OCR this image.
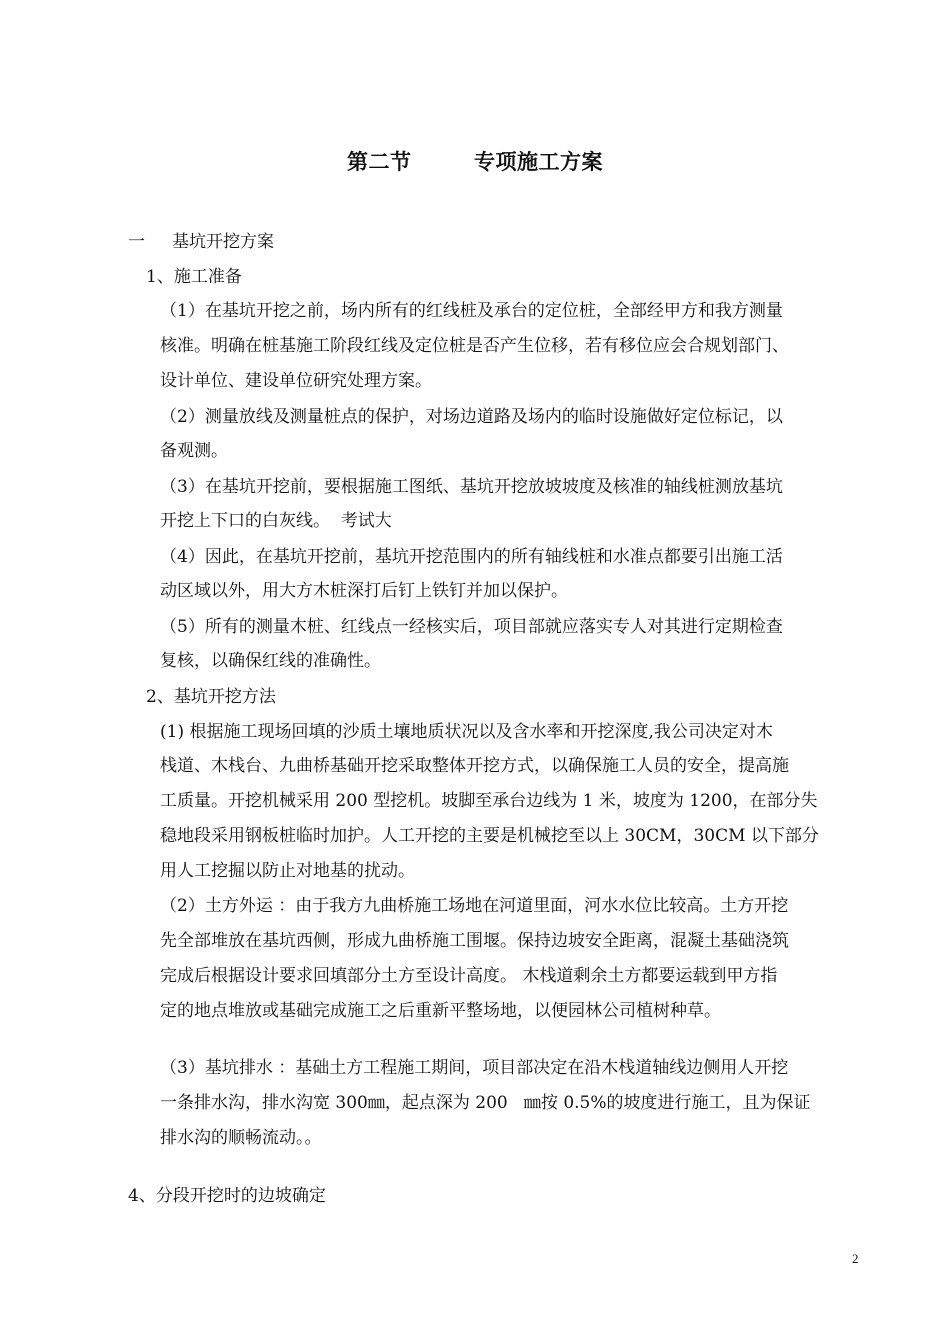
第二节        专项施工方案
一     基坑开挖方案
1、施工准备
（1）在基坑开挖之前，场内所有的红线桩及承台的定位桩，全部经甲方和我方测量
核准。明确在桩基施工阶段红线及定位桩是否产生位移，若有移位应会合规划部门、
设计单位、建设单位研究处理方案。
（2）测量放线及测量桩点的保护，对场边道路及场内的临时设施做好定位标记，以
备观测。
（3）在基坑开挖前，要根据施工图纸、基坑开挖放坡坡度及核准的轴线桩测放基坑
开挖上下口的白灰线。  考试大
（4）因此，在基坑开挖前，基坑开挖范围内的所有轴线桩和水准点都要引出施工活
动区域以外，用大方木桩深打后钉上铁钉并加以保护。
（5）所有的测量木桩、红线点一经核实后，项目部就应落实专人对其进行定期检查
复核，以确保红线的准确性。
2、基坑开挖方法
(1) 根据施工现场回填的沙质土壤地质状况以及含水率和开挖深度,我公司决定对木
栈道、木栈台、九曲桥基础开挖采取整体开挖方式，以确保施工人员的安全，提高施
工质量。开挖机械采用 200 型挖机。坡脚至承台边线为 1 米，坡度为 1200，在部分失
稳地段采用钢板桩临时加护。人工开挖的主要是机械挖至以上 30CM，30CM 以下部分
用人工挖掘以防止对地基的扰动。
（2）土方外运 ：由于我方九曲桥施工场地在河道里面，河水水位比较高。土方开挖
先全部堆放在基坑西侧，形成九曲桥施工围堰。保持边坡安全距离，混凝土基础浇筑
完成后根据设计要求回填部分土方至设计高度。 木栈道剩余土方都要运载到甲方指
定的地点堆放或基础完成施工之后重新平整场地，以便园林公司植树种草。
（3）基坑排水 ：基础土方工程施工期间，项目部决定在沿木栈道轴线边侧用人开挖
一条排水沟，排水沟宽 300㎜，起点深为 200   ㎜按 0.5%的坡度进行施工，且为保证
排水沟的顺畅流动。。
4、分段开挖时的边坡确定
2
